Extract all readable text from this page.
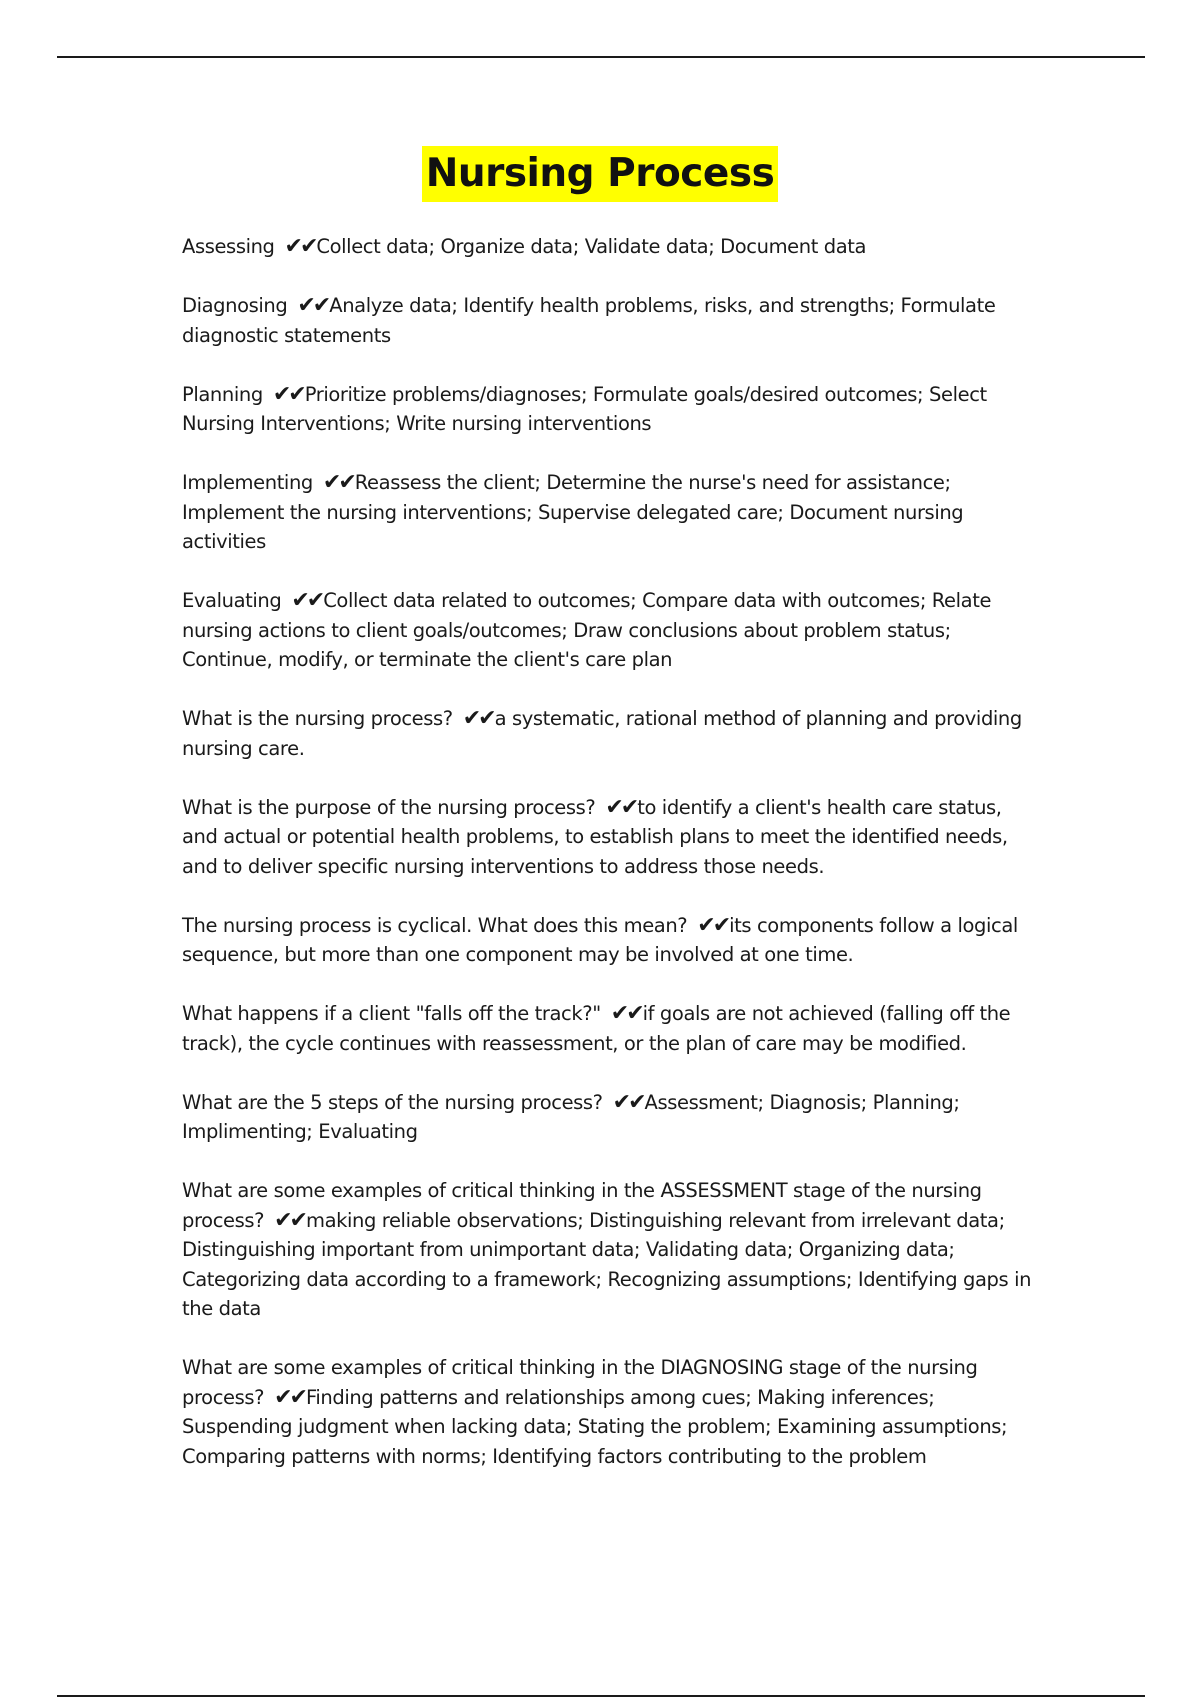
Nursing Process

Assessing ✔✔Collect data; Organize data; Validate data; Document data

Diagnosing ✔✔Analyze data; Identify health problems, risks, and strengths; Formulate diagnostic statements

Planning ✔✔Prioritize problems/diagnoses; Formulate goals/desired outcomes; Select Nursing Interventions; Write nursing interventions

Implementing ✔✔Reassess the client; Determine the nurse's need for assistance; Implement the nursing interventions; Supervise delegated care; Document nursing activities

Evaluating ✔✔Collect data related to outcomes; Compare data with outcomes; Relate nursing actions to client goals/outcomes; Draw conclusions about problem status; Continue, modify, or terminate the client's care plan

What is the nursing process? ✔✔a systematic, rational method of planning and providing nursing care.

What is the purpose of the nursing process? ✔✔to identify a client's health care status, and actual or potential health problems, to establish plans to meet the identified needs, and to deliver specific nursing interventions to address those needs.

The nursing process is cyclical. What does this mean? ✔✔its components follow a logical sequence, but more than one component may be involved at one time.

What happens if a client "falls off the track?" ✔✔if goals are not achieved (falling off the track), the cycle continues with reassessment, or the plan of care may be modified.

What are the 5 steps of the nursing process? ✔✔Assessment; Diagnosis; Planning; Implimenting; Evaluating

What are some examples of critical thinking in the ASSESSMENT stage of the nursing process? ✔✔making reliable observations; Distinguishing relevant from irrelevant data; Distinguishing important from unimportant data; Validating data; Organizing data; Categorizing data according to a framework; Recognizing assumptions; Identifying gaps in the data

What are some examples of critical thinking in the DIAGNOSING stage of the nursing process? ✔✔Finding patterns and relationships among cues; Making inferences; Suspending judgment when lacking data; Stating the problem; Examining assumptions; Comparing patterns with norms; Identifying factors contributing to the problem
